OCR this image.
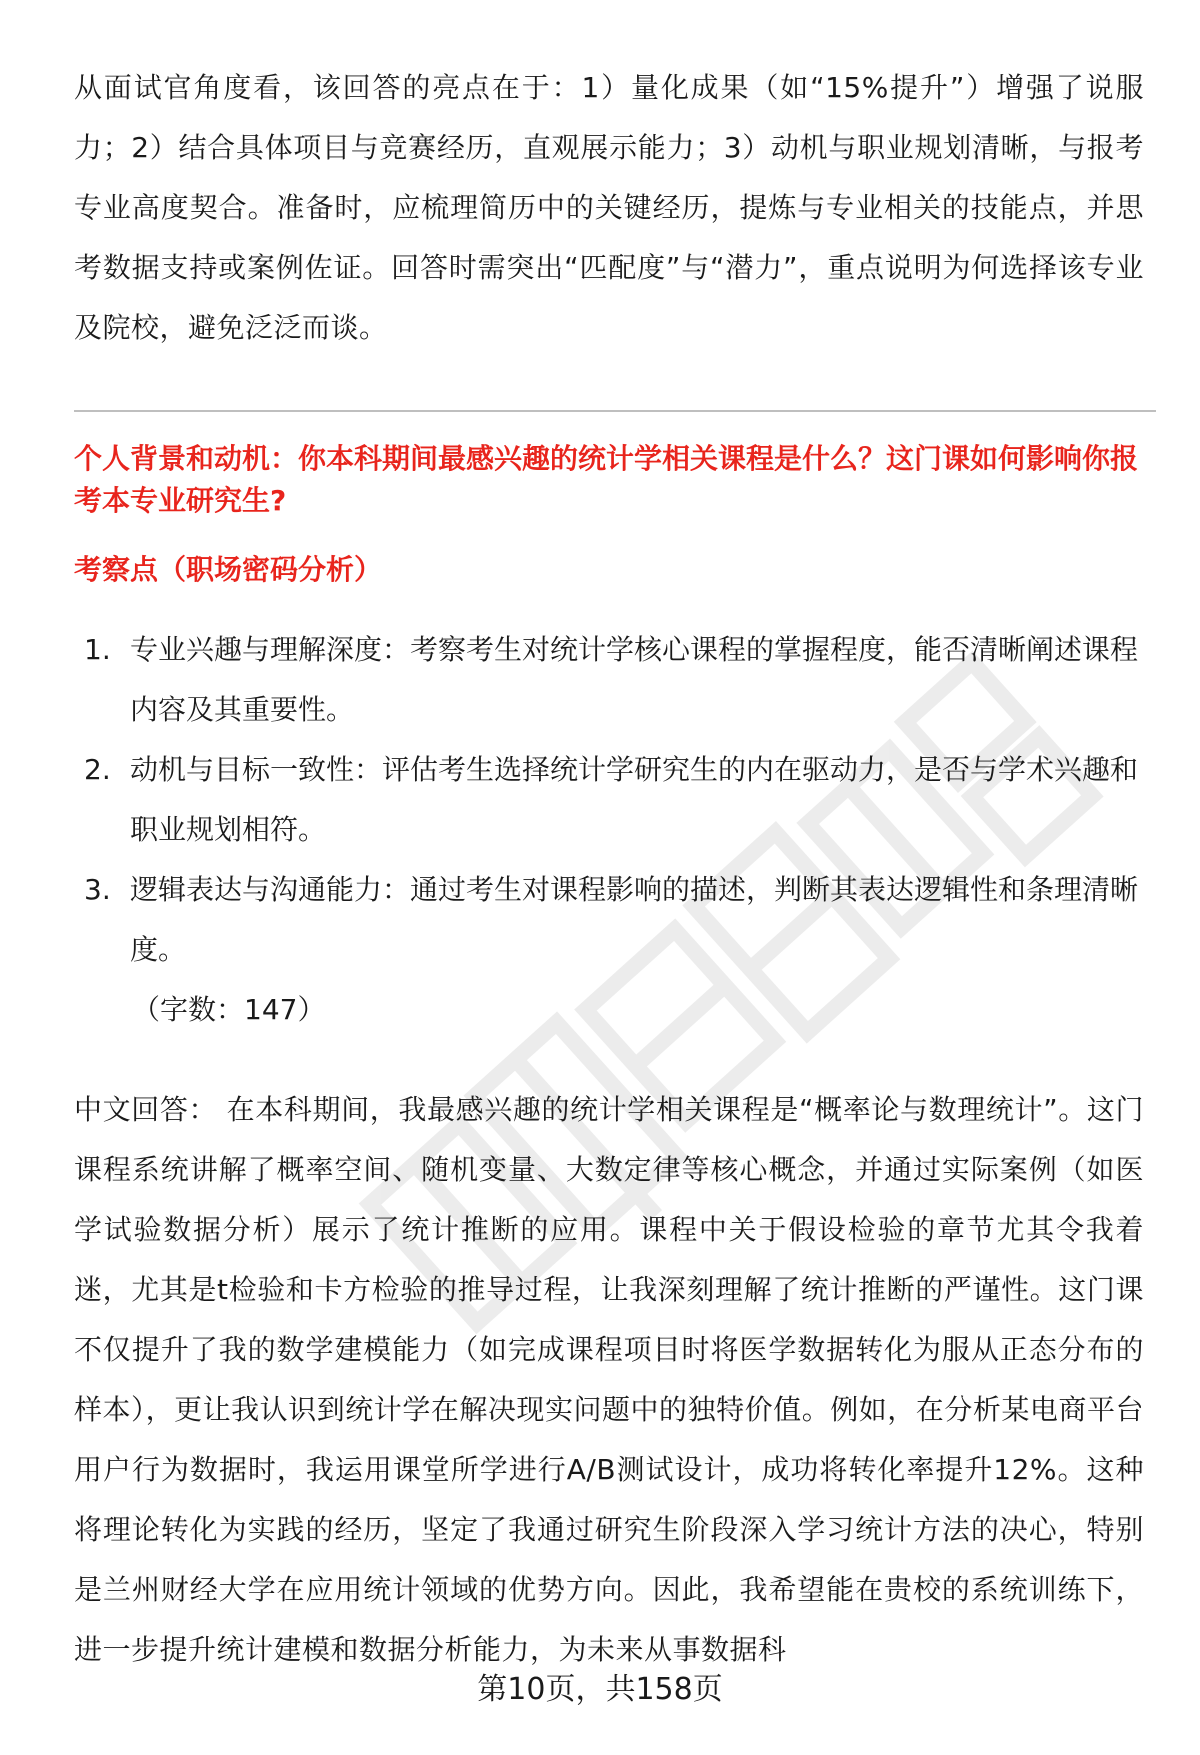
从面试官角度看，该回答的亮点在于：1）量化成果（如“15%提升”）增强了说服力；2）结合具体项目与竞赛经历，直观展示能力；3）动机与职业规划清晰，与报考专业高度契合。准备时，应梳理简历中的关键经历，提炼与专业相关的技能点，并思考数据支持或案例佐证。回答时需突出“匹配度”与“潜力”，重点说明为何选择该专业及院校，避免泛泛而谈。

个人背景和动机：你本科期间最感兴趣的统计学相关课程是什么？这门课如何影响你报考本专业研究生?

考察点（职场密码分析）

1. 专业兴趣与理解深度：考察考生对统计学核心课程的掌握程度，能否清晰阐述课程内容及其重要性。
2. 动机与目标一致性：评估考生选择统计学研究生的内在驱动力，是否与学术兴趣和职业规划相符。
3. 逻辑表达与沟通能力：通过考生对课程影响的描述，判断其表达逻辑性和条理清晰度。

（字数：147）

中文回答： 在本科期间，我最感兴趣的统计学相关课程是“概率论与数理统计”。这门课程系统讲解了概率空间、随机变量、大数定律等核心概念，并通过实际案例（如医学试验数据分析）展示了统计推断的应用。课程中关于假设检验的章节尤其令我着迷，尤其是t检验和卡方检验的推导过程，让我深刻理解了统计推断的严谨性。这门课不仅提升了我的数学建模能力（如完成课程项目时将医学数据转化为服从正态分布的样本），更让我认识到统计学在解决现实问题中的独特价值。例如，在分析某电商平台用户行为数据时，我运用课堂所学进行A/B测试设计，成功将转化率提升12%。这种将理论转化为实践的经历，坚定了我通过研究生阶段深入学习统计方法的决心，特别是兰州财经大学在应用统计领域的优势方向。因此，我希望能在贵校的系统训练下，进一步提升统计建模和数据分析能力，为未来从事数据科

第10页，共158页
